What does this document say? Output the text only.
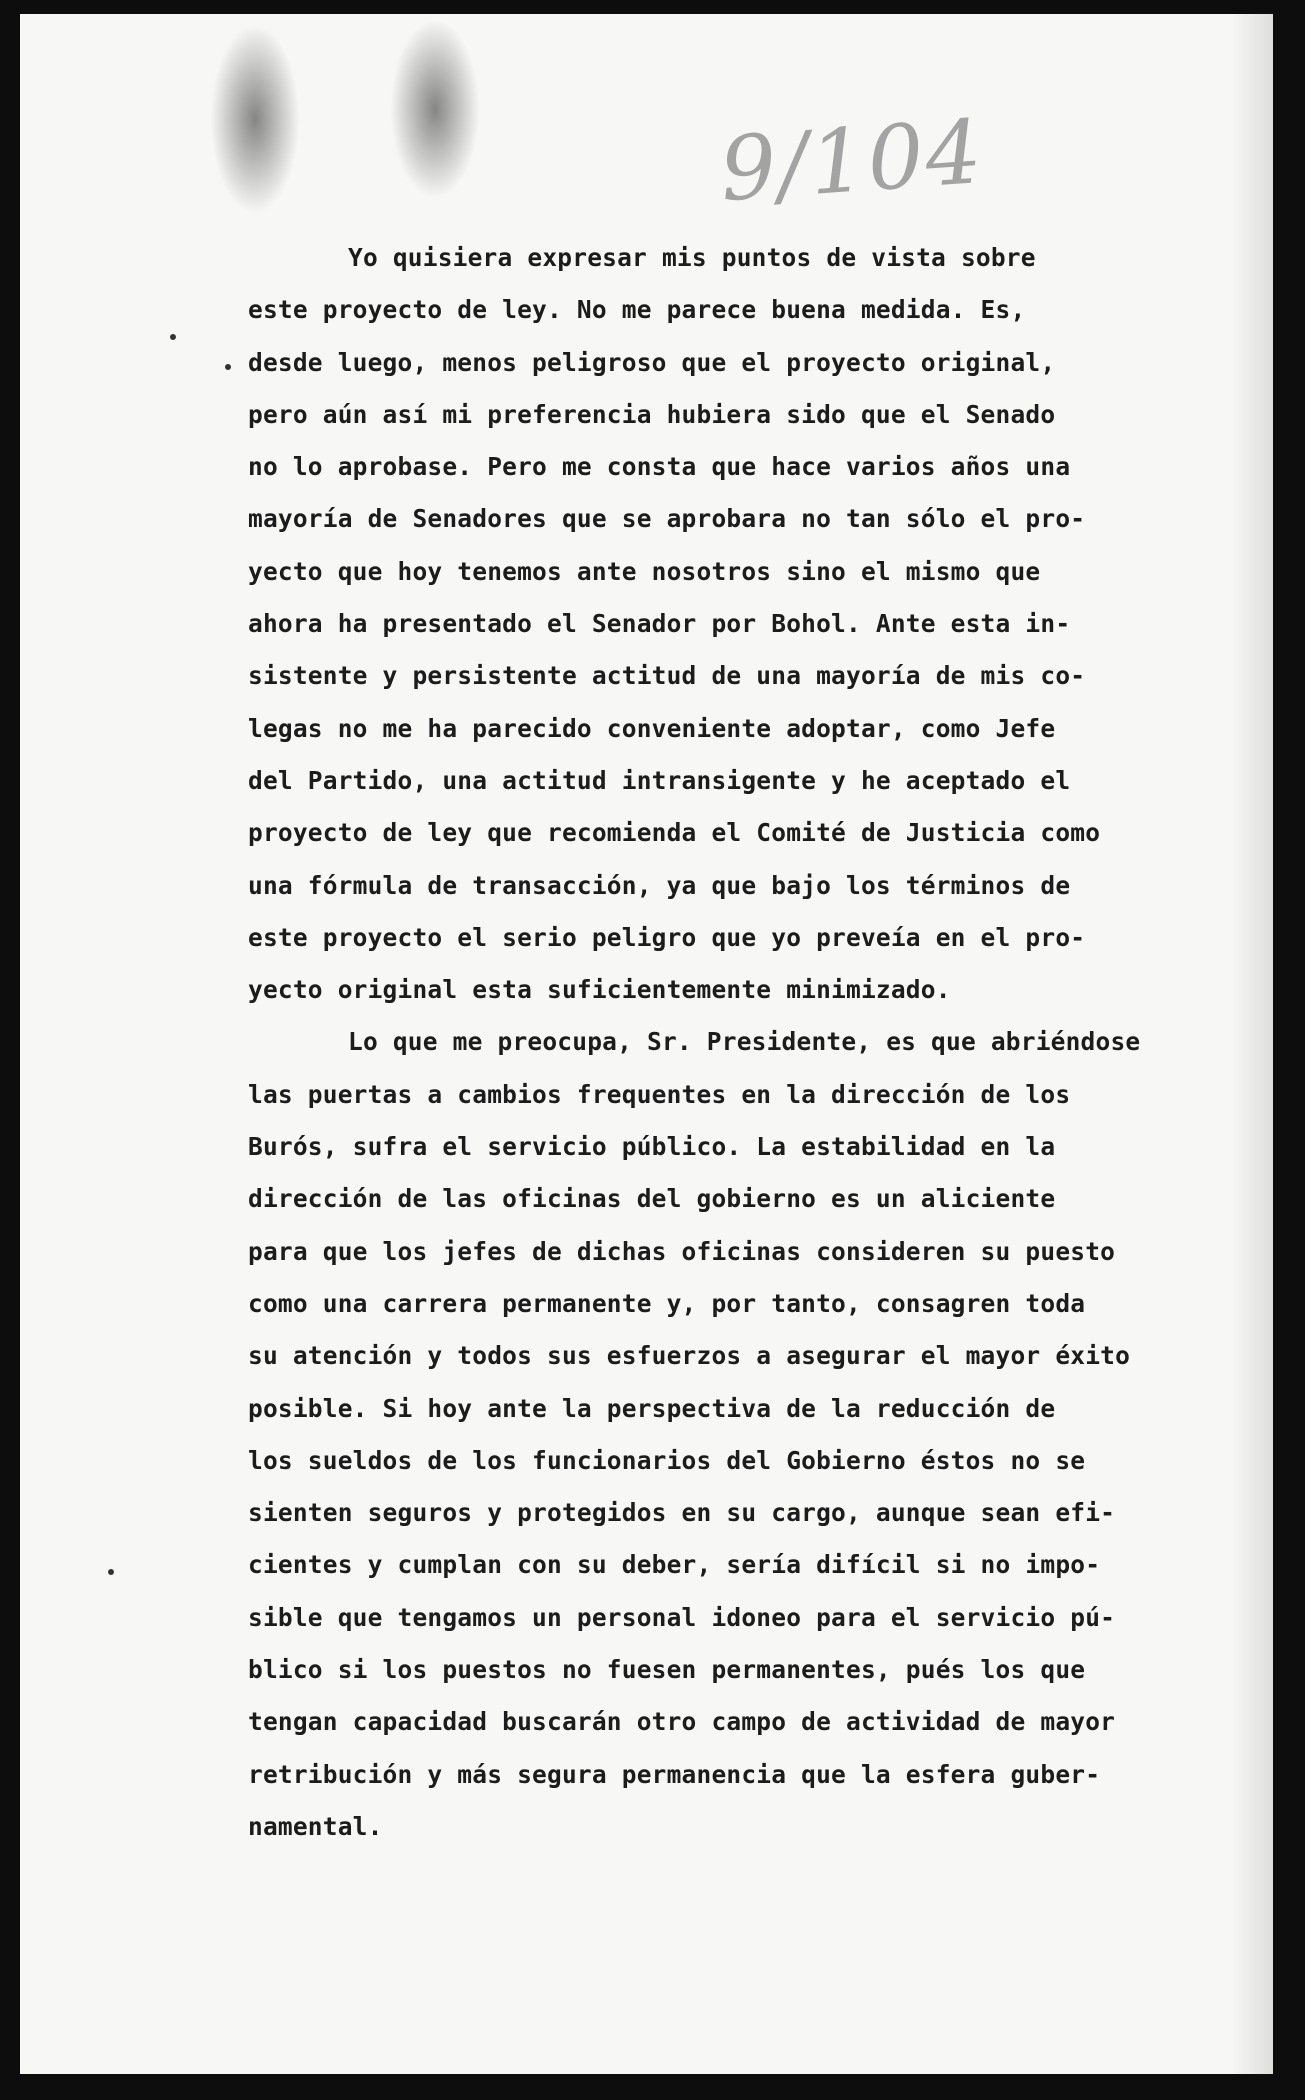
9/104
Yo quisiera expresar mis puntos de vista sobre
este proyecto de ley. No me parece buena medida. Es,
desde luego, menos peligroso que el proyecto original,
pero aún así mi preferencia hubiera sido que el Senado
no lo aprobase. Pero me consta que hace varios años una
mayoría de Senadores que se aprobara no tan sólo el pro-
yecto que hoy tenemos ante nosotros sino el mismo que
ahora ha presentado el Senador por Bohol. Ante esta in-
sistente y persistente actitud de una mayoría de mis co-
legas no me ha parecido conveniente adoptar, como Jefe
del Partido, una actitud intransigente y he aceptado el
proyecto de ley que recomienda el Comité de Justicia como
una fórmula de transacción, ya que bajo los términos de
este proyecto el serio peligro que yo preveía en el pro-
yecto original esta suficientemente minimizado.
Lo que me preocupa, Sr. Presidente, es que abriéndose
las puertas a cambios frequentes en la dirección de los
Burós, sufra el servicio público. La estabilidad en la
dirección de las oficinas del gobierno es un aliciente
para que los jefes de dichas oficinas consideren su puesto
como una carrera permanente y, por tanto, consagren toda
su atención y todos sus esfuerzos a asegurar el mayor éxito
posible. Si hoy ante la perspectiva de la reducción de
los sueldos de los funcionarios del Gobierno éstos no se
sienten seguros y protegidos en su cargo, aunque sean efi-
cientes y cumplan con su deber, sería difícil si no impo-
sible que tengamos un personal idoneo para el servicio pú-
blico si los puestos no fuesen permanentes, pués los que
tengan capacidad buscarán otro campo de actividad de mayor
retribución y más segura permanencia que la esfera guber-
namental.
